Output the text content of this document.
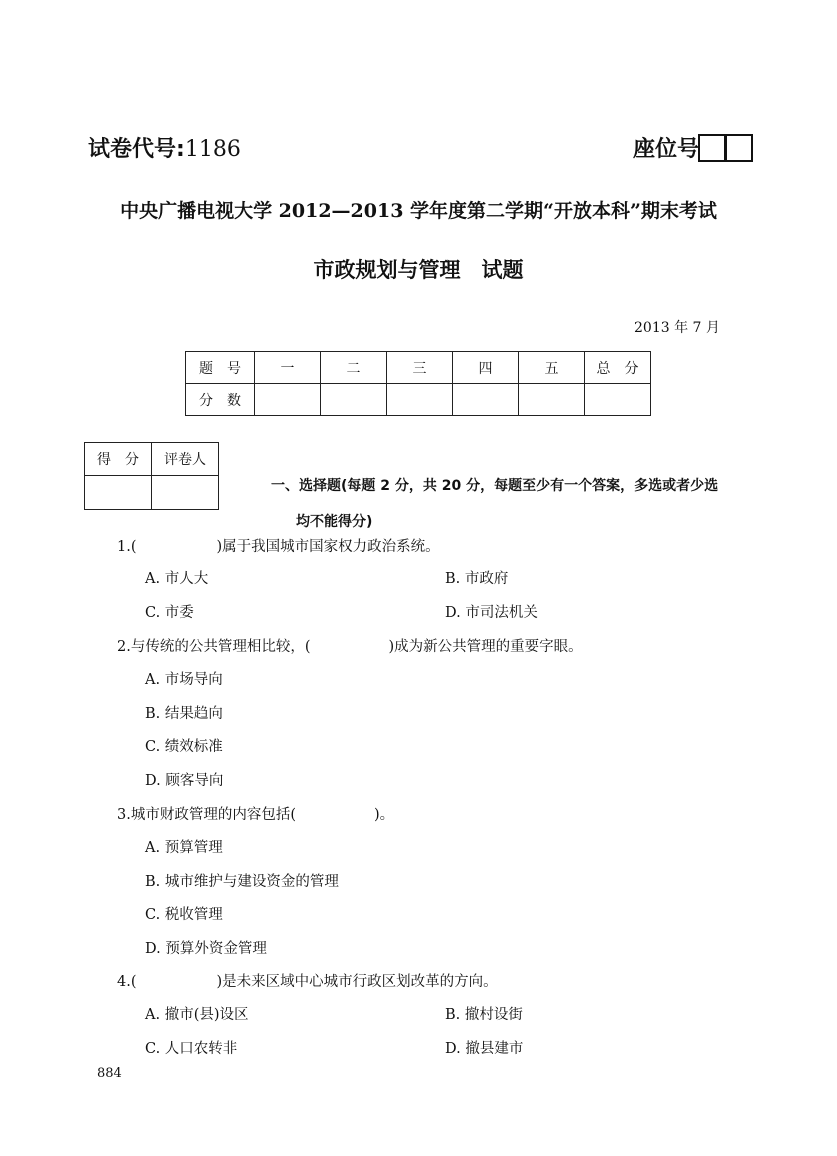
试卷代号:1186	座位号
中央广播电视大学 2012—2013 学年度第二学期“开放本科”期末考试
市政规划与管理　试题
2013 年 7 月
题　号	一	二	三	四	五	总　分
分　数						
得　分	评卷人

一、选择题(每题 2 分，共 20 分，每题至少有一个答案，多选或者少选
均不能得分)
1.(	)属于我国城市国家权力政治系统。
A. 市人大	B. 市政府
C. 市委	D. 市司法机关
2.与传统的公共管理相比较，(	)成为新公共管理的重要字眼。
A. 市场导向
B. 结果趋向
C. 绩效标准
D. 顾客导向
3.城市财政管理的内容包括(	)。
A. 预算管理
B. 城市维护与建设资金的管理
C. 税收管理
D. 预算外资金管理
4.(	)是未来区域中心城市行政区划改革的方向。
A. 撤市(县)设区	B. 撤村设街
C. 人口农转非	D. 撤县建市
884
